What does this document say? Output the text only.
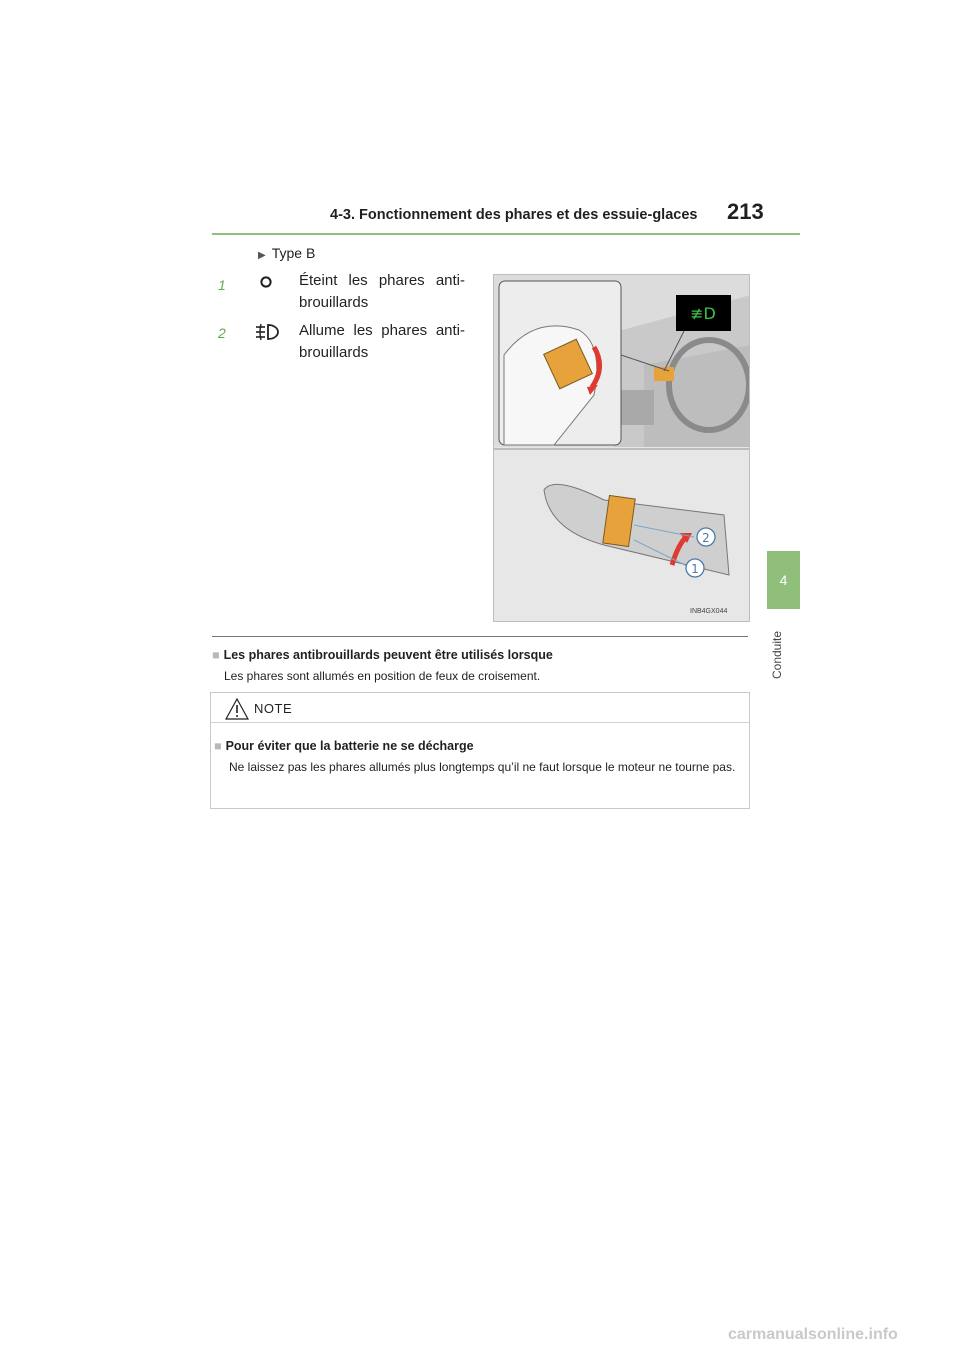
4-3. Fonctionnement des phares et des essuie-glaces 213
4
Conduite
▶ Type B
1	Éteint les phares anti-brouillards
2	Allume les phares anti-brouillards
≢D
2
1
INB4GX044
■ Les phares antibrouillards peuvent être utilisés lorsque
Les phares sont allumés en position de feux de croisement.
NOTE
■ Pour éviter que la batterie ne se décharge
Ne laissez pas les phares allumés plus longtemps qu’il ne faut lorsque le moteur ne tourne pas.
carmanualsonline.info
